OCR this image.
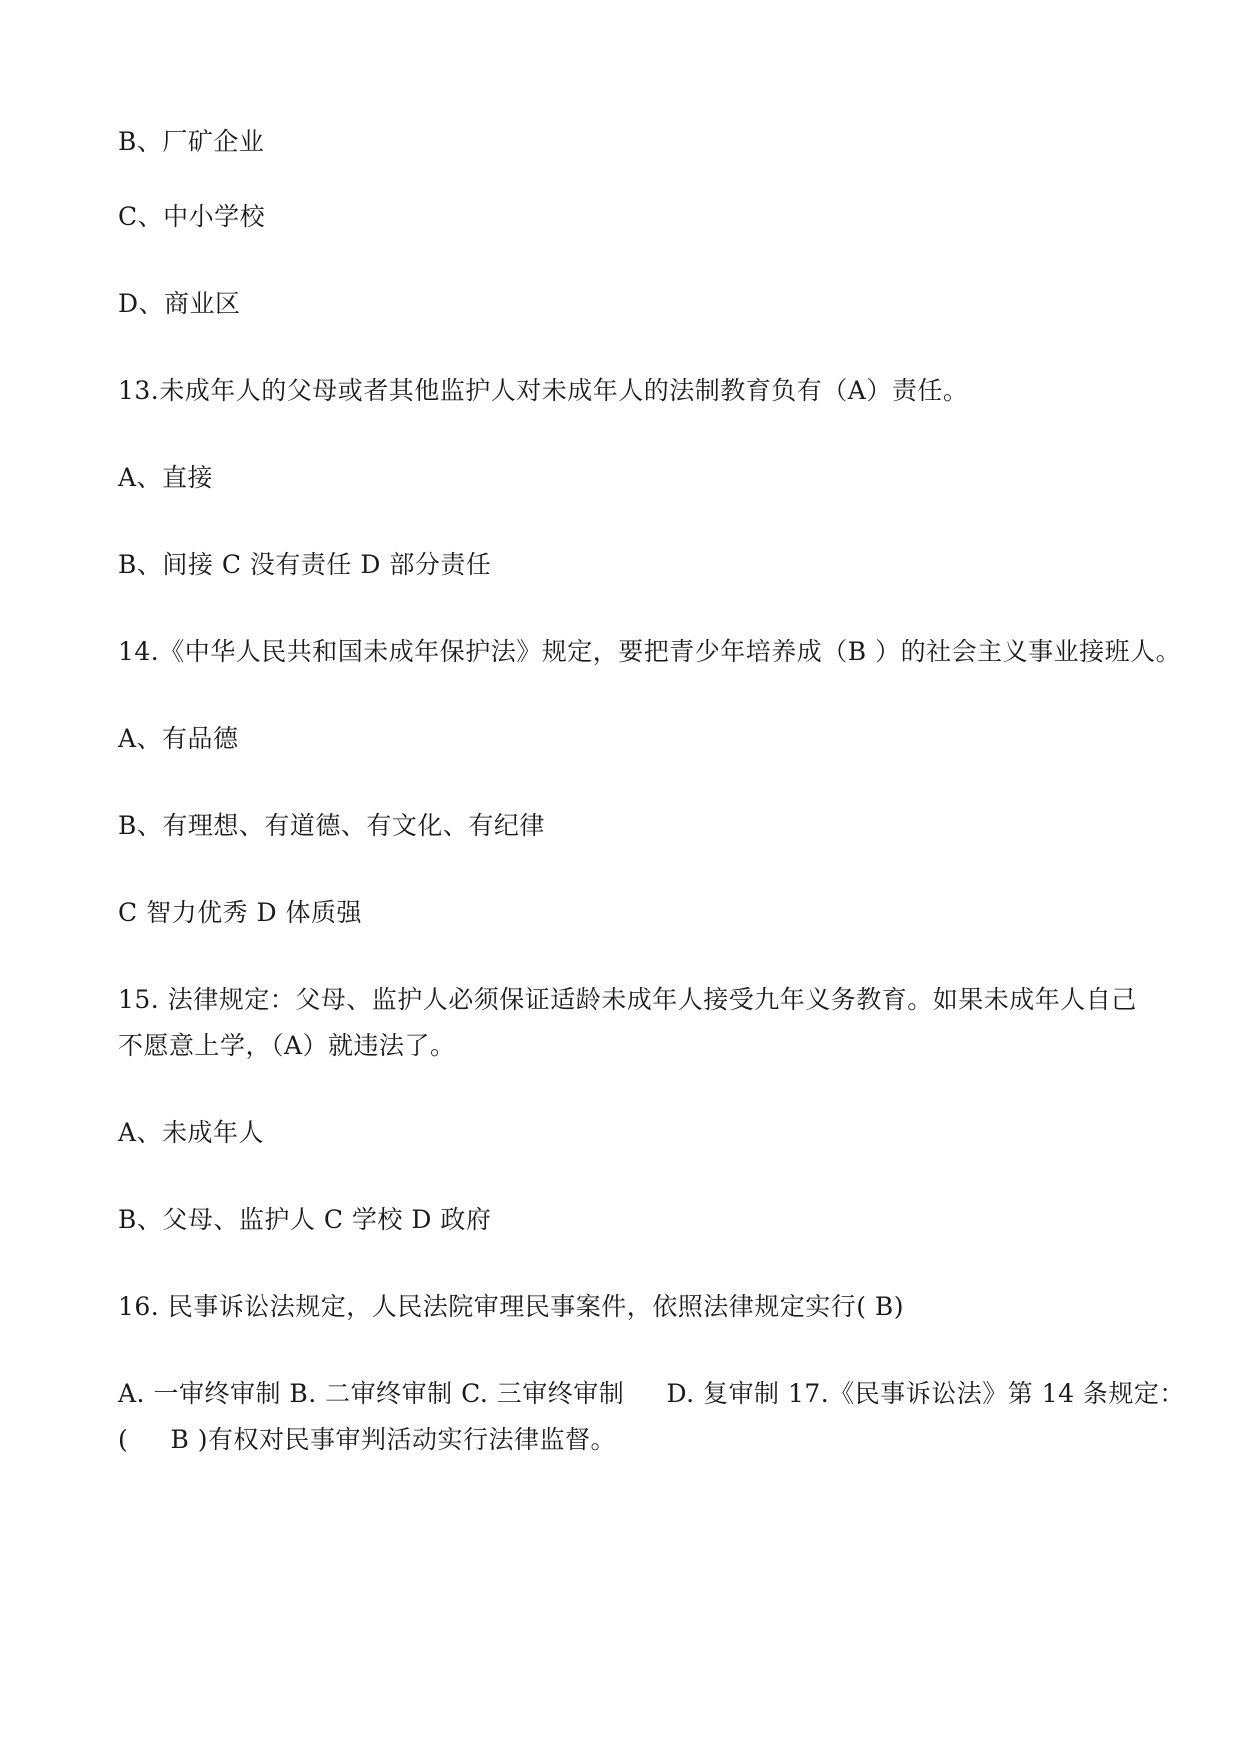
B、厂矿企业
C、中小学校
D、商业区
13.未成年人的父母或者其他监护人对未成年人的法制教育负有（A）责任。
A、直接
B、间接 C 没有责任 D 部分责任
14.《中华人民共和国未成年保护法》规定，要把青少年培养成（B ）的社会主义事业接班人。
A、有品德
B、有理想、有道德、有文化、有纪律
C 智力优秀 D 体质强
15. 法律规定：父母、监护人必须保证适龄未成年人接受九年义务教育。如果未成年人自己
不愿意上学，（A）就违法了。
A、未成年人
B、父母、监护人 C 学校 D 政府
16. 民事诉讼法规定，人民法院审理民事案件，依照法律规定实行( B)
A. 一审终审制 B. 二审终审制 C. 三审终审制     D. 复审制 17.《民事诉讼法》第 14 条规定：
(     B )有权对民事审判活动实行法律监督。
